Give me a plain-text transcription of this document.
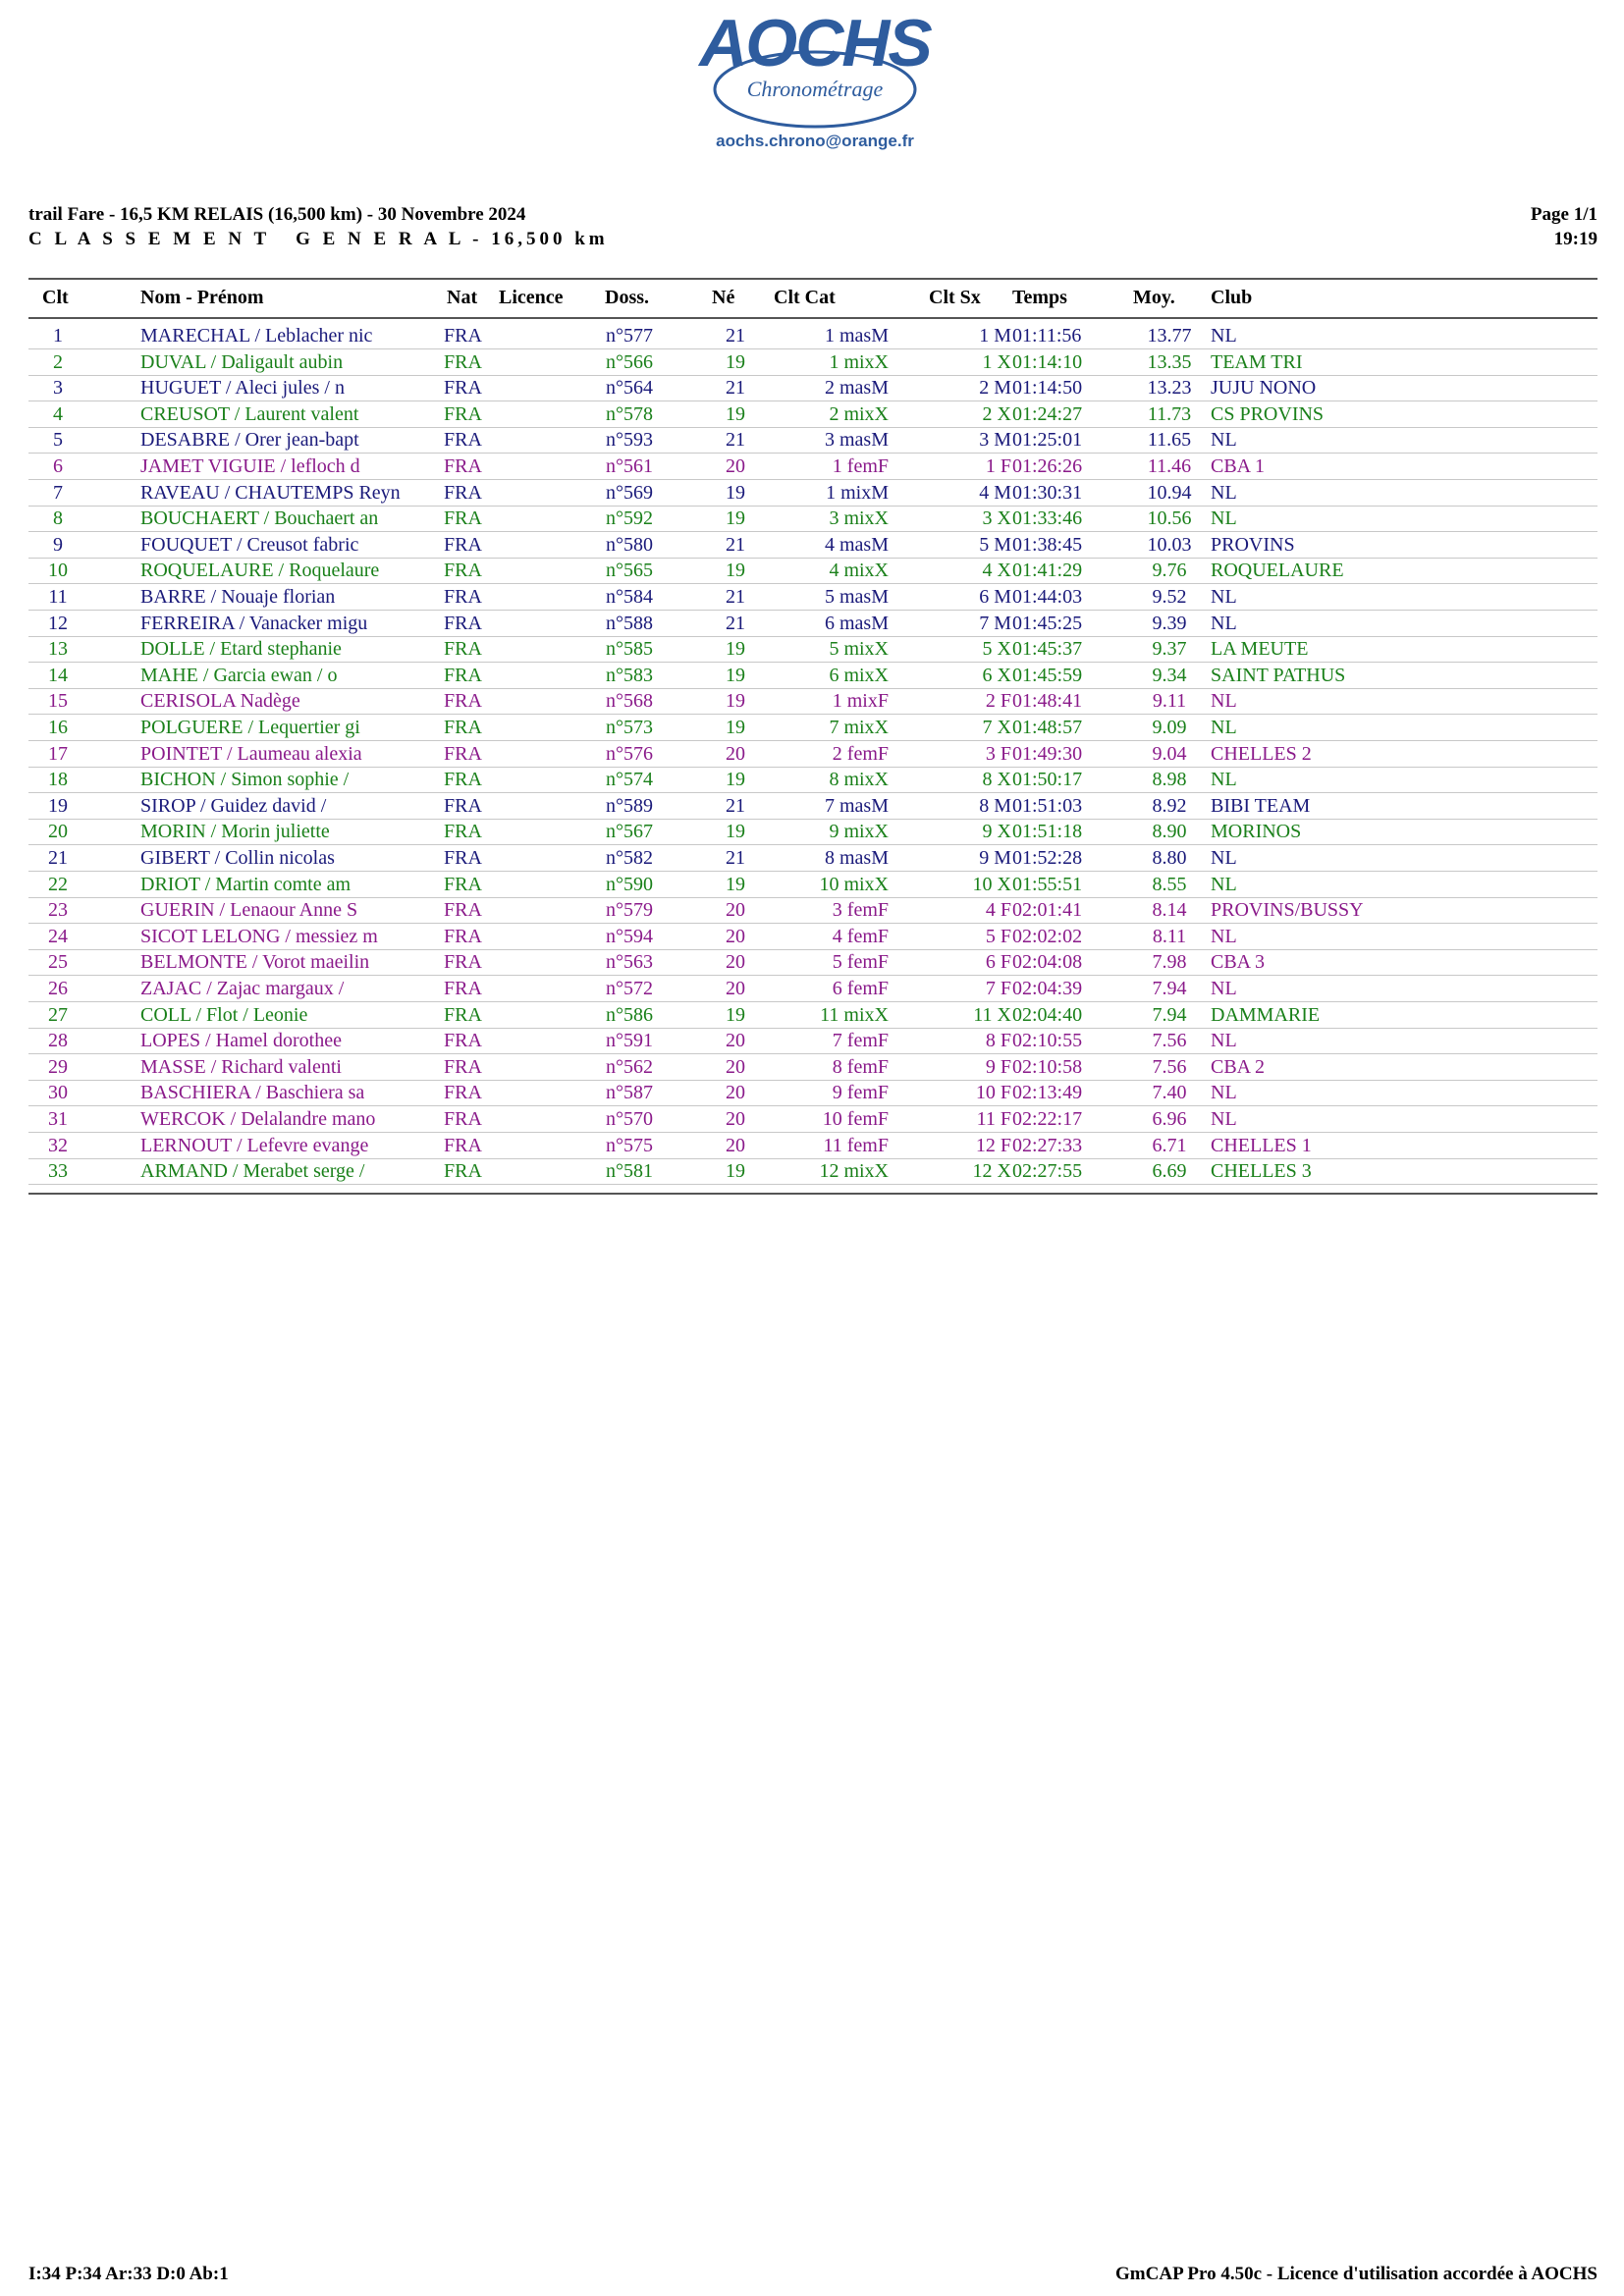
AOCHS
Chronométrage
aochs.chrono@orange.fr
trail Fare - 16,5 KM RELAIS (16,500 km) - 30 Novembre 2024
C L A S S E M E N T   G E N E R A L - 16,500 km
Page 1/1
19:19
Clt	Nom - Prénom	Nat Licence Doss.	Né Clt Cat	Clt Sx Temps	Moy. Club
1	MARECHAL / Leblacher nic	FRA	n°577	21	1 masM	1 M 01:11:56	13.77 NL
2	DUVAL / Daligault aubin	FRA	n°566	19	1 mixX	1 X 01:14:10	13.35 TEAM TRI
3	HUGUET / Aleci jules / n	FRA	n°564	21	2 masM	2 M 01:14:50	13.23 JUJU NONO
4	CREUSOT / Laurent valent	FRA	n°578	19	2 mixX	2 X 01:24:27	11.73 CS PROVINS
5	DESABRE / Orer jean-bapt	FRA	n°593	21	3 masM	3 M 01:25:01	11.65 NL
6	JAMET VIGUIE / lefloch d	FRA	n°561	20	1 femF	1 F 01:26:26	11.46 CBA 1
7	RAVEAU / CHAUTEMPS Reyn	FRA	n°569	19	1 mixM	4 M 01:30:31	10.94 NL
8	BOUCHAERT / Bouchaert an	FRA	n°592	19	3 mixX	3 X 01:33:46	10.56 NL
9	FOUQUET / Creusot fabric	FRA	n°580	21	4 masM	5 M 01:38:45	10.03 PROVINS
10	ROQUELAURE / Roquelaure	FRA	n°565	19	4 mixX	4 X 01:41:29	9.76	ROQUELAURE
11	BARRE / Nouaje florian	FRA	n°584	21	5 masM	6 M 01:44:03	9.52	NL
12	FERREIRA / Vanacker migu	FRA	n°588	21	6 masM	7 M 01:45:25	9.39	NL
13	DOLLE / Etard stephanie	FRA	n°585	19	5 mixX	5 X 01:45:37	9.37	LA MEUTE
14	MAHE / Garcia ewan / o	FRA	n°583	19	6 mixX	6 X 01:45:59	9.34	SAINT PATHUS
15	CERISOLA Nadège	FRA	n°568	19	1 mixF	2 F 01:48:41	9.11	NL
16	POLGUERE / Lequertier gi	FRA	n°573	19	7 mixX	7 X 01:48:57	9.09	NL
17	POINTET / Laumeau alexia	FRA	n°576	20	2 femF	3 F 01:49:30	9.04	CHELLES 2
18	BICHON / Simon sophie /	FRA	n°574	19	8 mixX	8 X 01:50:17	8.98	NL
19	SIROP / Guidez david /	FRA	n°589	21	7 masM	8 M 01:51:03	8.92	BIBI TEAM
20	MORIN / Morin juliette	FRA	n°567	19	9 mixX	9 X 01:51:18	8.90	MORINOS
21	GIBERT / Collin nicolas	FRA	n°582	21	8 masM	9 M 01:52:28	8.80	NL
22	DRIOT / Martin comte am	FRA	n°590	19	10 mixX	10 X 01:55:51	8.55	NL
23	GUERIN / Lenaour Anne S	FRA	n°579	20	3 femF	4 F 02:01:41	8.14	PROVINS/BUSSY
24	SICOT LELONG / messiez m	FRA	n°594	20	4 femF	5 F 02:02:02	8.11	NL
25	BELMONTE / Vorot maeilin	FRA	n°563	20	5 femF	6 F 02:04:08	7.98	CBA 3
26	ZAJAC / Zajac margaux /	FRA	n°572	20	6 femF	7 F 02:04:39	7.94	NL
27	COLL / Flot / Leonie	FRA	n°586	19	11 mixX	11 X 02:04:40	7.94	DAMMARIE
28	LOPES / Hamel dorothee	FRA	n°591	20	7 femF	8 F 02:10:55	7.56	NL
29	MASSE / Richard valenti	FRA	n°562	20	8 femF	9 F 02:10:58	7.56	CBA 2
30	BASCHIERA / Baschiera sa	FRA	n°587	20	9 femF	10 F 02:13:49	7.40	NL
31	WERCOK / Delalandre mano	FRA	n°570	20	10 femF	11 F 02:22:17	6.96	NL
32	LERNOUT / Lefevre evange	FRA	n°575	20	11 femF	12 F 02:27:33	6.71	CHELLES 1
33	ARMAND / Merabet serge /	FRA	n°581	19	12 mixX	12 X 02:27:55	6.69	CHELLES 3
I:34 P:34 Ar:33 D:0 Ab:1	GmCAP Pro 4.50c - Licence d'utilisation accordée à AOCHS
